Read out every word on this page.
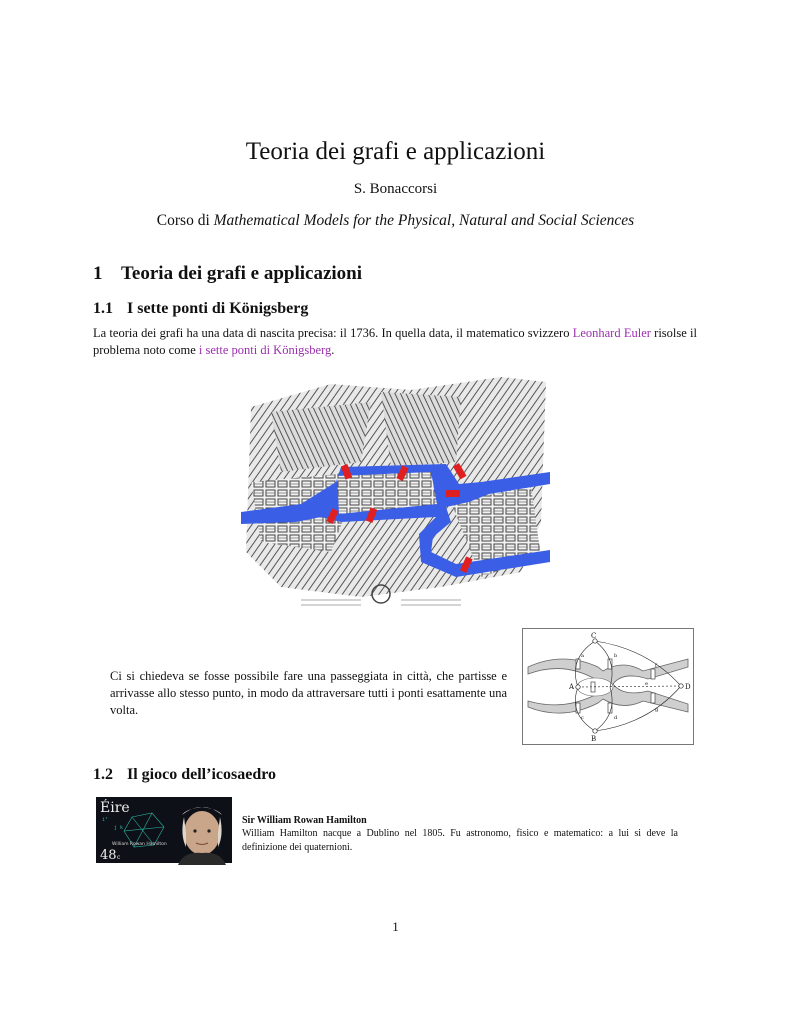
Teoria dei grafi e applicazioni
S. Bonaccorsi
Corso di Mathematical Models for the Physical, Natural and Social Sciences
1 Teoria dei grafi e applicazioni
1.1 I sette ponti di Königsberg
La teoria dei grafi ha una data di nascita precisa: il 1736. In quella data, il matematico svizzero Leonhard Euler risolse il problema noto come i sette ponti di Königsberg.
Ci si chiedeva se fosse possibile fare una passeggiata in città, che partisse e arrivasse allo stesso punto, in modo da attraversare tutti i ponti esattamente una volta.
C
A
B
D
a	b
c	d
e
f
g
1.2 Il gioco dell’icosaedro
i²
j k
Éire
William Rowan Hamilton
48 c
Sir William Rowan Hamilton
William Hamilton nacque a Dublino nel 1805. Fu astronomo, fisico e matematico: a lui si deve la definizione dei quaternioni.
1
